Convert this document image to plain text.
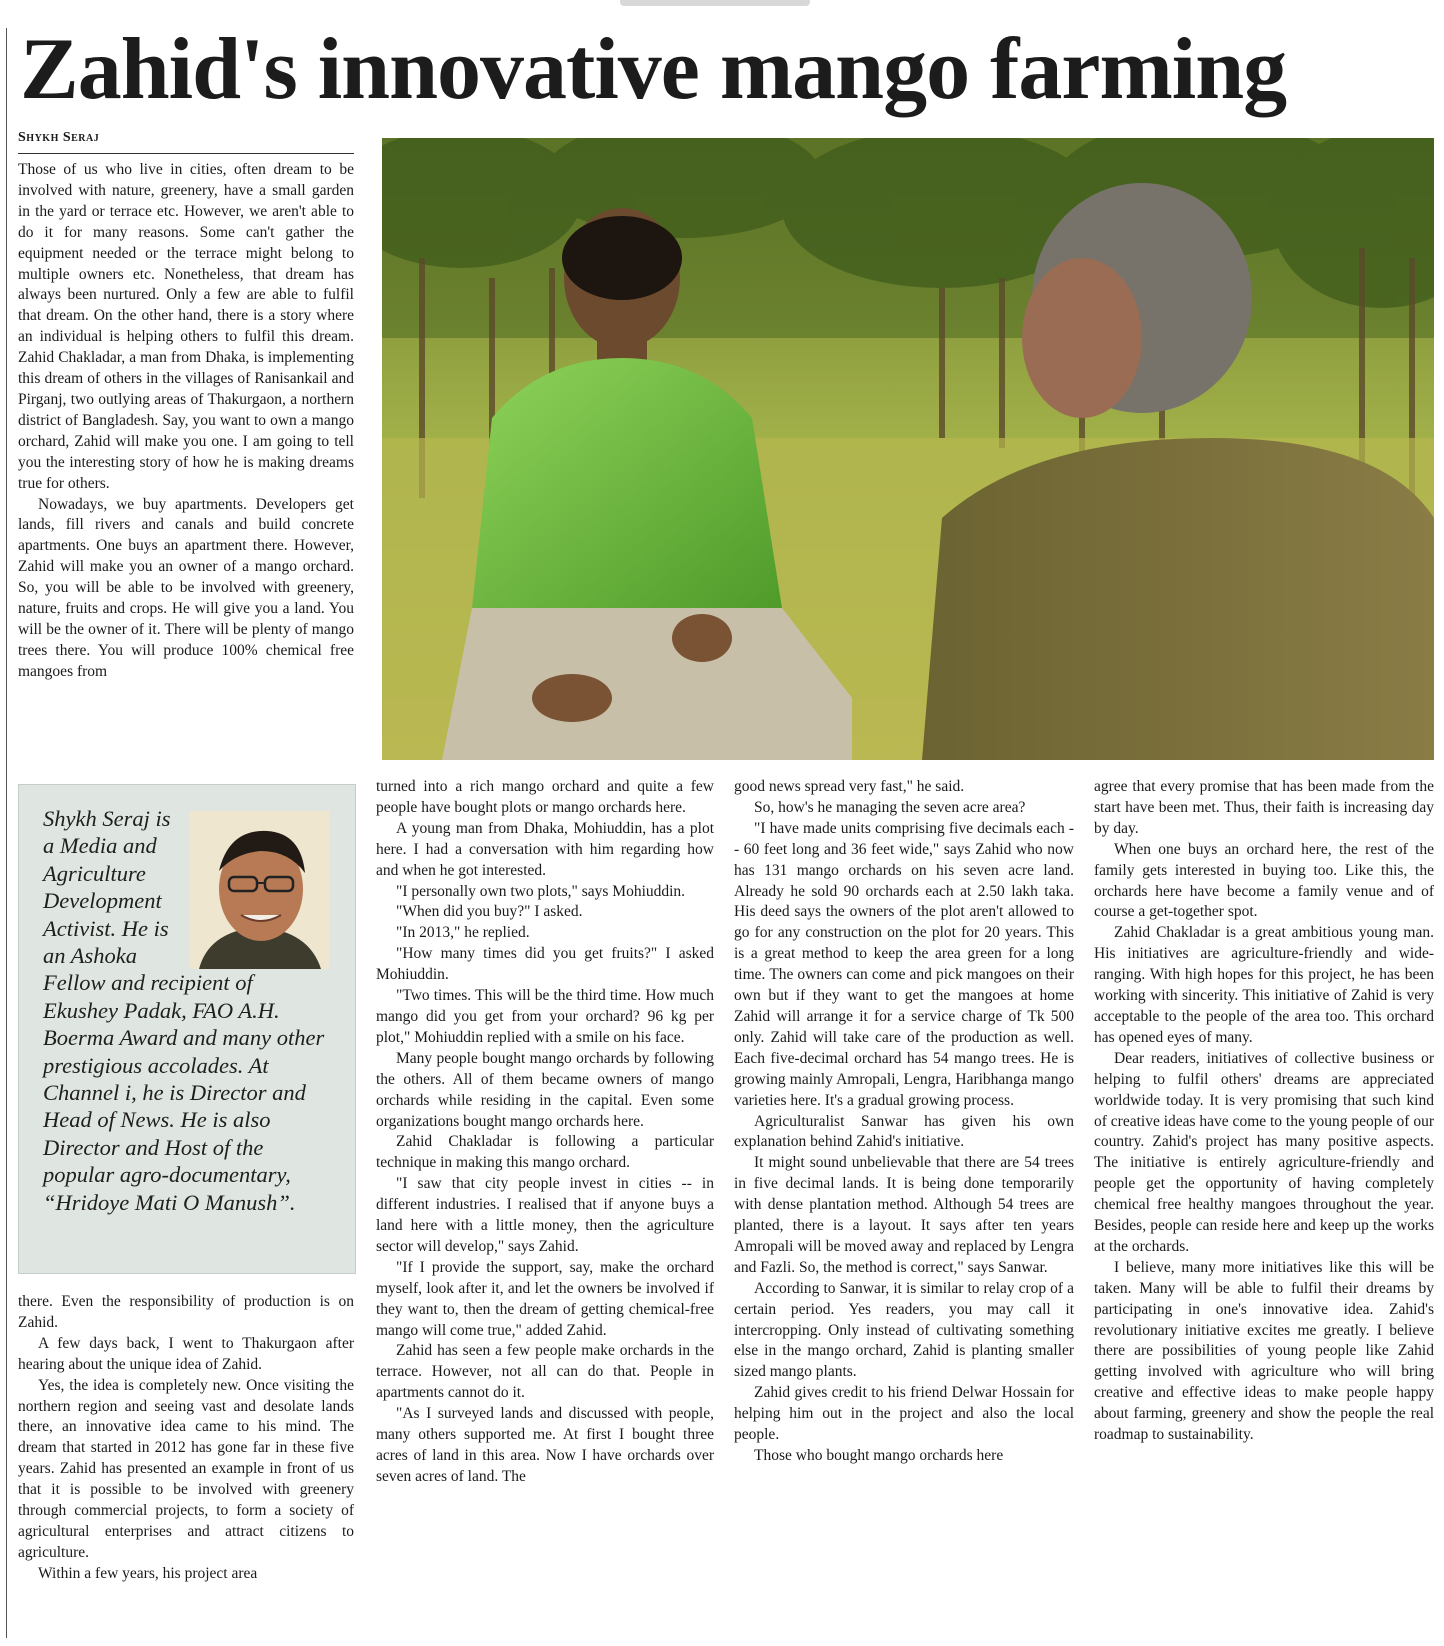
Zahid's innovative mango farming
Shykh Seraj

Those of us who live in cities, often dream to be involved with nature, greenery, have a small garden in the yard or terrace etc. However, we aren't able to do it for many reasons. Some can't gather the equipment needed or the terrace might belong to multiple owners etc. Nonetheless, that dream has always been nurtured. Only a few are able to fulfil that dream. On the other hand, there is a story where an individual is helping others to fulfil this dream. Zahid Chakladar, a man from Dhaka, is implementing this dream of others in the villages of Ranisankail and Pirganj, two outlying areas of Thakurgaon, a northern district of Bangladesh. Say, you want to own a mango orchard, Zahid will make you one. I am going to tell you the interesting story of how he is making dreams true for others.

Nowadays, we buy apartments. Developers get lands, fill rivers and canals and build concrete apartments. One buys an apartment there. However, Zahid will make you an owner of a mango orchard. So, you will be able to be involved with greenery, nature, fruits and crops. He will give you a land. You will be the owner of it. There will be plenty of mango trees there. You will produce 100% chemical free mangoes from

Shykh Seraj is a Media and Agriculture Development Activist. He is an Ashoka Fellow and recipient of Ekushey Padak, FAO A.H. Boerma Award and many other prestigious accolades. At Channel i, he is Director and Head of News. He is also Director and Host of the popular agro-documentary, “Hridoye Mati O Manush”.

there. Even the responsibility of production is on Zahid.

A few days back, I went to Thakurgaon after hearing about the unique idea of Zahid.

Yes, the idea is completely new. Once visiting the northern region and seeing vast and desolate lands there, an innovative idea came to his mind. The dream that started in 2012 has gone far in these five years. Zahid has presented an example in front of us that it is possible to be involved with greenery through commercial projects, to form a society of agricultural enterprises and attract citizens to agriculture.

Within a few years, his project area

turned into a rich mango orchard and quite a few people have bought plots or mango orchards here.

A young man from Dhaka, Mohiuddin, has a plot here. I had a conversation with him regarding how and when he got interested.

"I personally own two plots," says Mohiuddin.

"When did you buy?" I asked.

"In 2013," he replied.

"How many times did you get fruits?" I asked Mohiuddin.

"Two times. This will be the third time. How much mango did you get from your orchard? 96 kg per plot," Mohiuddin replied with a smile on his face.

Many people bought mango orchards by following the others. All of them became owners of mango orchards while residing in the capital. Even some organizations bought mango orchards here.

Zahid Chakladar is following a particular technique in making this mango orchard.

"I saw that city people invest in cities -- in different industries. I realised that if anyone buys a land here with a little money, then the agriculture sector will develop," says Zahid.

"If I provide the support, say, make the orchard myself, look after it, and let the owners be involved if they want to, then the dream of getting chemical-free mango will come true," added Zahid.

Zahid has seen a few people make orchards in the terrace. However, not all can do that. People in apartments cannot do it.

"As I surveyed lands and discussed with people, many others supported me. At first I bought three acres of land in this area. Now I have orchards over seven acres of land. The

good news spread very fast," he said.

So, how's he managing the seven acre area?

"I have made units comprising five decimals each -- 60 feet long and 36 feet wide," says Zahid who now has 131 mango orchards on his seven acre land. Already he sold 90 orchards each at 2.50 lakh taka. His deed says the owners of the plot aren't allowed to go for any construction on the plot for 20 years. This is a great method to keep the area green for a long time. The owners can come and pick mangoes on their own but if they want to get the mangoes at home Zahid will arrange it for a service charge of Tk 500 only. Zahid will take care of the production as well. Each five-decimal orchard has 54 mango trees. He is growing mainly Amropali, Lengra, Haribhanga mango varieties here. It's a gradual growing process.

Agriculturalist Sanwar has given his own explanation behind Zahid's initiative.

It might sound unbelievable that there are 54 trees in five decimal lands. It is being done temporarily with dense plantation method. Although 54 trees are planted, there is a layout. It says after ten years Amropali will be moved away and replaced by Lengra and Fazli. So, the method is correct," says Sanwar.

According to Sanwar, it is similar to relay crop of a certain period. Yes readers, you may call it intercropping. Only instead of cultivating something else in the mango orchard, Zahid is planting smaller sized mango plants.

Zahid gives credit to his friend Delwar Hossain for helping him out in the project and also the local people.

Those who bought mango orchards here

agree that every promise that has been made from the start have been met. Thus, their faith is increasing day by day.

When one buys an orchard here, the rest of the family gets interested in buying too. Like this, the orchards here have become a family venue and of course a get-together spot.

Zahid Chakladar is a great ambitious young man. His initiatives are agriculture-friendly and wide-ranging. With high hopes for this project, he has been working with sincerity. This initiative of Zahid is very acceptable to the people of the area too. This orchard has opened eyes of many.

Dear readers, initiatives of collective business or helping to fulfil others' dreams are appreciated worldwide today. It is very promising that such kind of creative ideas have come to the young people of our country. Zahid's project has many positive aspects. The initiative is entirely agriculture-friendly and people get the opportunity of having completely chemical free healthy mangoes throughout the year. Besides, people can reside here and keep up the works at the orchards.

I believe, many more initiatives like this will be taken. Many will be able to fulfil their dreams by participating in one's innovative idea. Zahid's revolutionary initiative excites me greatly. I believe there are possibilities of young people like Zahid getting involved with agriculture who will bring creative and effective ideas to make people happy about farming, greenery and show the people the real roadmap to sustainability.
